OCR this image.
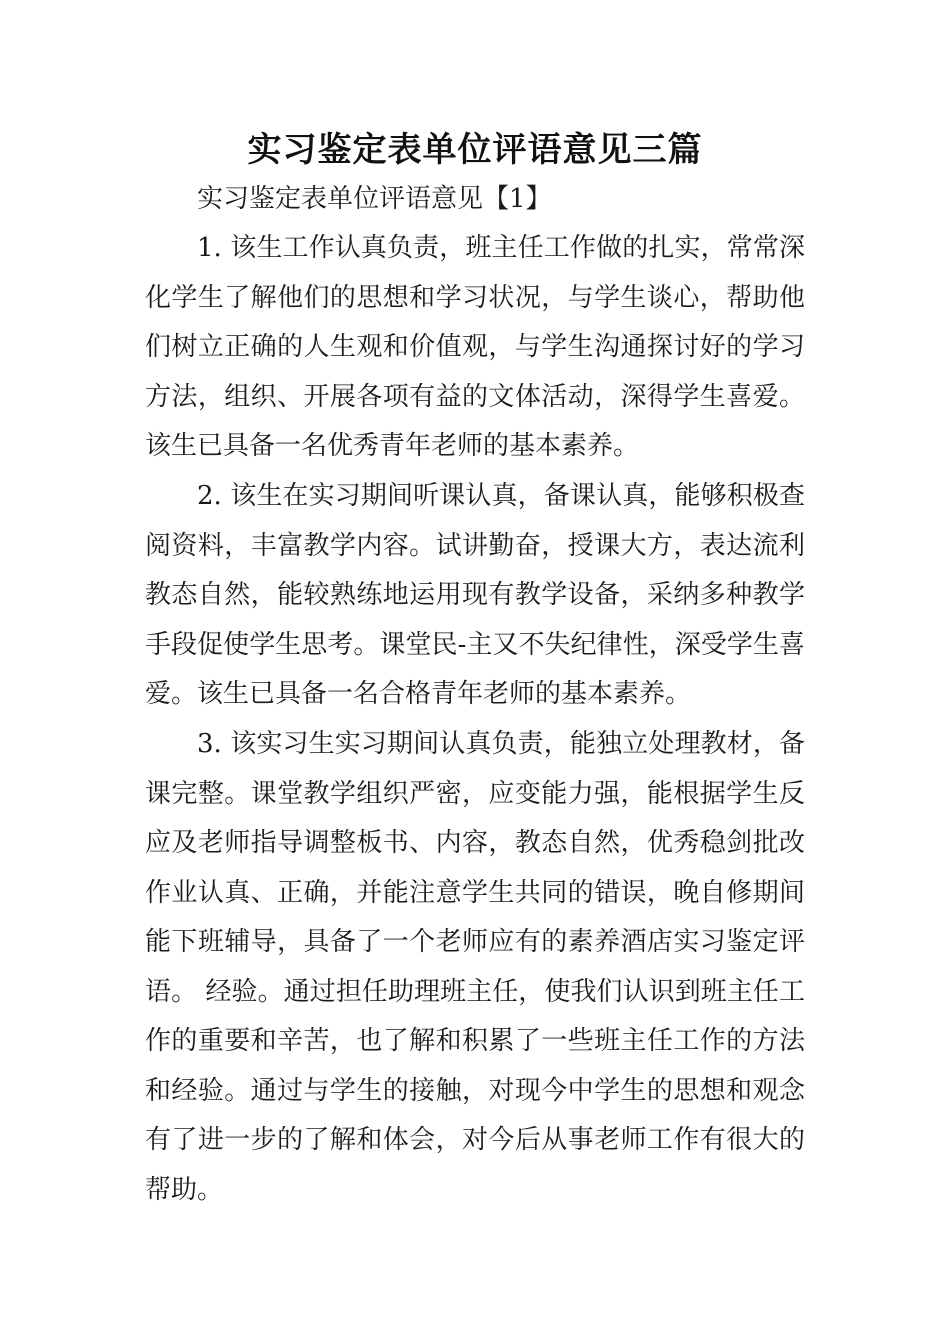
实习鉴定表单位评语意见三篇

实习鉴定表单位评语意见【1】

1. 该生工作认真负责，班主任工作做的扎实，常常深化学生了解他们的思想和学习状况，与学生谈心，帮助他们树立正确的人生观和价值观，与学生沟通探讨好的学习方法，组织、开展各项有益的文体活动，深得学生喜爱。该生已具备一名优秀青年老师的基本素养。

2. 该生在实习期间听课认真，备课认真，能够积极查阅资料，丰富教学内容。试讲勤奋，授课大方，表达流利教态自然，能较熟练地运用现有教学设备，采纳多种教学手段促使学生思考。课堂民-主又不失纪律性，深受学生喜爱。该生已具备一名合格青年老师的基本素养。

3. 该实习生实习期间认真负责，能独立处理教材，备课完整。课堂教学组织严密，应变能力强，能根据学生反应及老师指导调整板书、内容，教态自然，优秀稳剑批改作业认真、正确，并能注意学生共同的错误，晚自修期间能下班辅导，具备了一个老师应有的素养酒店实习鉴定评语。 经验。通过担任助理班主任，使我们认识到班主任工作的重要和辛苦，也了解和积累了一些班主任工作的方法和经验。通过与学生的接触，对现今中学生的思想和观念有了进一步的了解和体会，对今后从事老师工作有很大的帮助。
